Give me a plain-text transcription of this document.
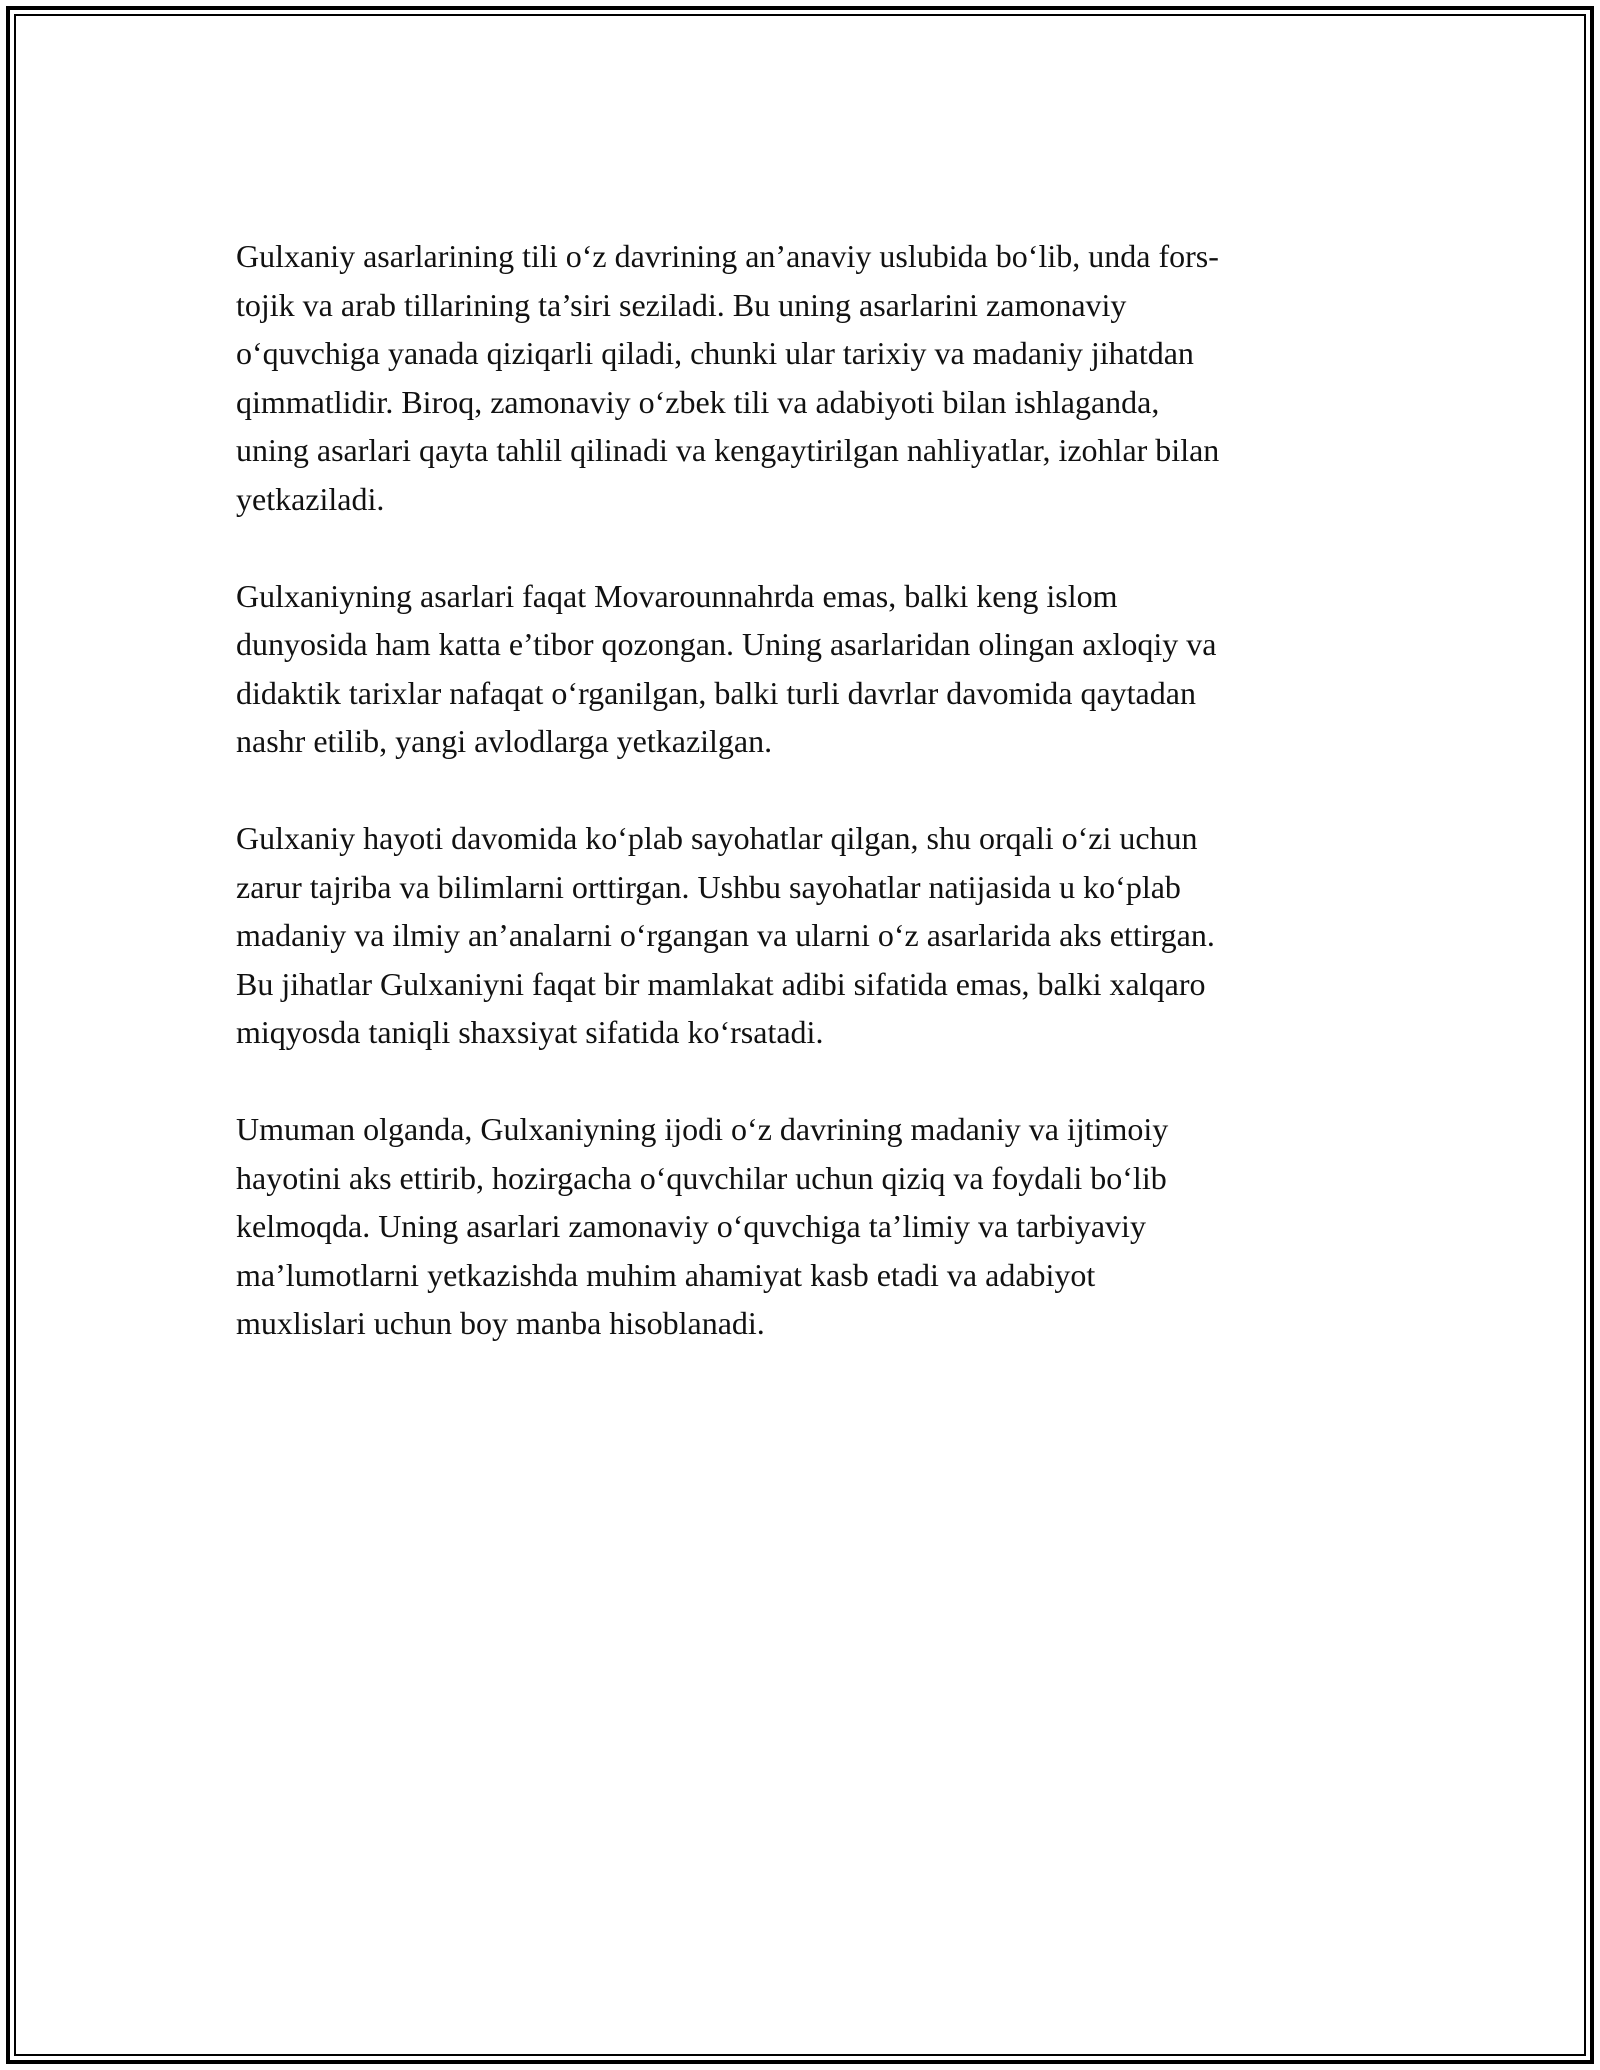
Gulxaniy asarlarining tili o‘z davrining an’anaviy uslubida bo‘lib, unda fors-
tojik va arab tillarining ta’siri seziladi. Bu uning asarlarini zamonaviy
o‘quvchiga yanada qiziqarli qiladi, chunki ular tarixiy va madaniy jihatdan
qimmatlidir. Biroq, zamonaviy o‘zbek tili va adabiyoti bilan ishlaganda,
uning asarlari qayta tahlil qilinadi va kengaytirilgan nahliyatlar, izohlar bilan
yetkaziladi.

Gulxaniyning asarlari faqat Movarounnahrda emas, balki keng islom
dunyosida ham katta e’tibor qozongan. Uning asarlaridan olingan axloqiy va
didaktik tarixlar nafaqat o‘rganilgan, balki turli davrlar davomida qaytadan
nashr etilib, yangi avlodlarga yetkazilgan.

Gulxaniy hayoti davomida ko‘plab sayohatlar qilgan, shu orqali o‘zi uchun
zarur tajriba va bilimlarni orttirgan. Ushbu sayohatlar natijasida u ko‘plab
madaniy va ilmiy an’analarni o‘rgangan va ularni o‘z asarlarida aks ettirgan.
Bu jihatlar Gulxaniyni faqat bir mamlakat adibi sifatida emas, balki xalqaro
miqyosda taniqli shaxsiyat sifatida ko‘rsatadi.

Umuman olganda, Gulxaniyning ijodi o‘z davrining madaniy va ijtimoiy
hayotini aks ettirib, hozirgacha o‘quvchilar uchun qiziq va foydali bo‘lib
kelmoqda. Uning asarlari zamonaviy o‘quvchiga ta’limiy va tarbiyaviy
ma’lumotlarni yetkazishda muhim ahamiyat kasb etadi va adabiyot
muxlislari uchun boy manba hisoblanadi.
